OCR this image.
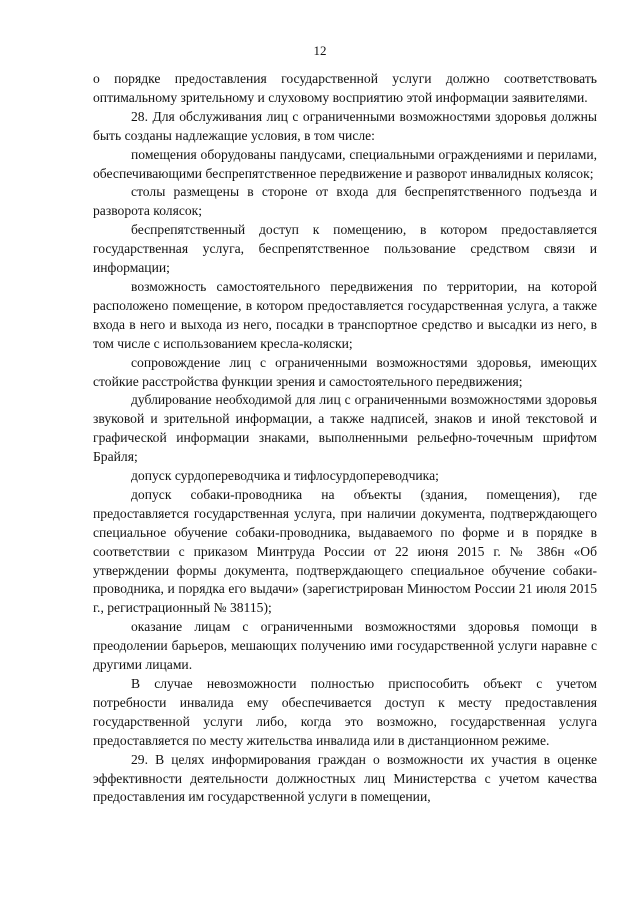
12

о порядке предоставления государственной услуги должно соответствовать оптимальному зрительному и слуховому восприятию этой информации заявителями.

28. Для обслуживания лиц с ограниченными возможностями здоровья должны быть созданы надлежащие условия, в том числе:

помещения оборудованы пандусами, специальными ограждениями и перилами, обеспечивающими беспрепятственное передвижение и разворот инвалидных колясок;

столы размещены в стороне от входа для беспрепятственного подъезда и разворота колясок;

беспрепятственный доступ к помещению, в котором предоставляется государственная услуга, беспрепятственное пользование средством связи и информации;

возможность самостоятельного передвижения по территории, на которой расположено помещение, в котором предоставляется государственная услуга, а также входа в него и выхода из него, посадки в транспортное средство и высадки из него, в том числе с использованием кресла-коляски;

сопровождение лиц с ограниченными возможностями здоровья, имеющих стойкие расстройства функции зрения и самостоятельного передвижения;

дублирование необходимой для лиц с ограниченными возможностями здоровья звуковой и зрительной информации, а также надписей, знаков и иной текстовой и графической информации знаками, выполненными рельефно-точечным шрифтом Брайля;

допуск сурдопереводчика и тифлосурдопереводчика;

допуск собаки-проводника на объекты (здания, помещения), где предоставляется государственная услуга, при наличии документа, подтверждающего специальное обучение собаки-проводника, выдаваемого по форме и в порядке в соответствии с приказом Минтруда России от 22 июня 2015 г. № 386н «Об утверждении формы документа, подтверждающего специальное обучение собаки-проводника, и порядка его выдачи» (зарегистрирован Минюстом России 21 июля 2015 г., регистрационный № 38115);

оказание лицам с ограниченными возможностями здоровья помощи в преодолении барьеров, мешающих получению ими государственной услуги наравне с другими лицами.

В случае невозможности полностью приспособить объект с учетом потребности инвалида ему обеспечивается доступ к месту предоставления государственной услуги либо, когда это возможно, государственная услуга предоставляется по месту жительства инвалида или в дистанционном режиме.

29. В целях информирования граждан о возможности их участия в оценке эффективности деятельности должностных лиц Министерства с учетом качества предоставления им государственной услуги в помещении,
